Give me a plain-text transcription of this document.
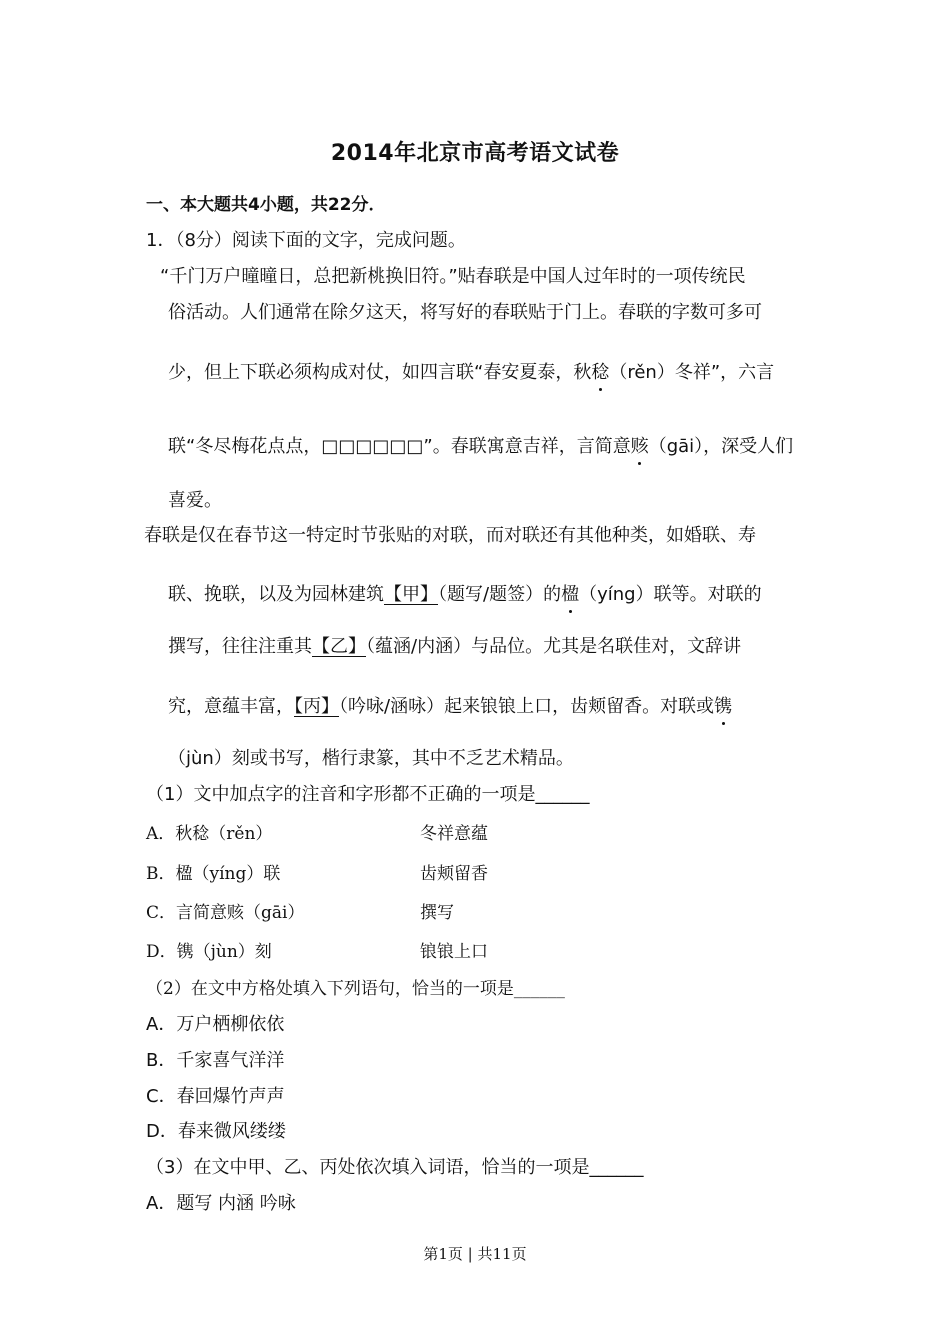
2014年北京市高考语文试卷
一、本大题共4小题，共22分．
1．（8分）阅读下面的文字，完成问题。
“千门万户曈曈日，总把新桃换旧符。”贴春联是中国人过年时的一项传统民
俗活动。人们通常在除夕这天，将写好的春联贴于门上。春联的字数可多可
少，但上下联必须构成对仗，如四言联“春安夏泰，秋稔（rěn）冬祥”，六言
联“冬尽梅花点点，□□□□□□”。春联寓意吉祥，言简意赅（gāi），深受人们
喜爱。
春联是仅在春节这一特定时节张贴的对联，而对联还有其他种类，如婚联、寿
联、挽联，以及为园林建筑【甲】（题写/题签）的楹（yíng）联等。对联的
撰写，往往注重其【乙】（蕴涵/内涵）与品位。尤其是名联佳对，文辞讲
究，意蕴丰富，【丙】（吟咏/涵咏）起来锒锒上口，齿颊留香。对联或镌
（jùn）刻或书写，楷行隶篆，其中不乏艺术精品。
（1）文中加点字的注音和字形都不正确的一项是______
A．秋稔（rěn）	冬祥意蕴
B．楹（yíng）联	齿颊留香
C．言简意赅（gāi）	撰写
D．镌（jùn）刻	锒锒上口
（2）在文中方格处填入下列语句，恰当的一项是______
A．万户栖柳依依
B．千家喜气洋洋
C．春回爆竹声声
D．春来微风缕缕
（3）在文中甲、乙、丙处依次填入词语，恰当的一项是______
A．题写 内涵 吟咏
第1页 | 共11页
